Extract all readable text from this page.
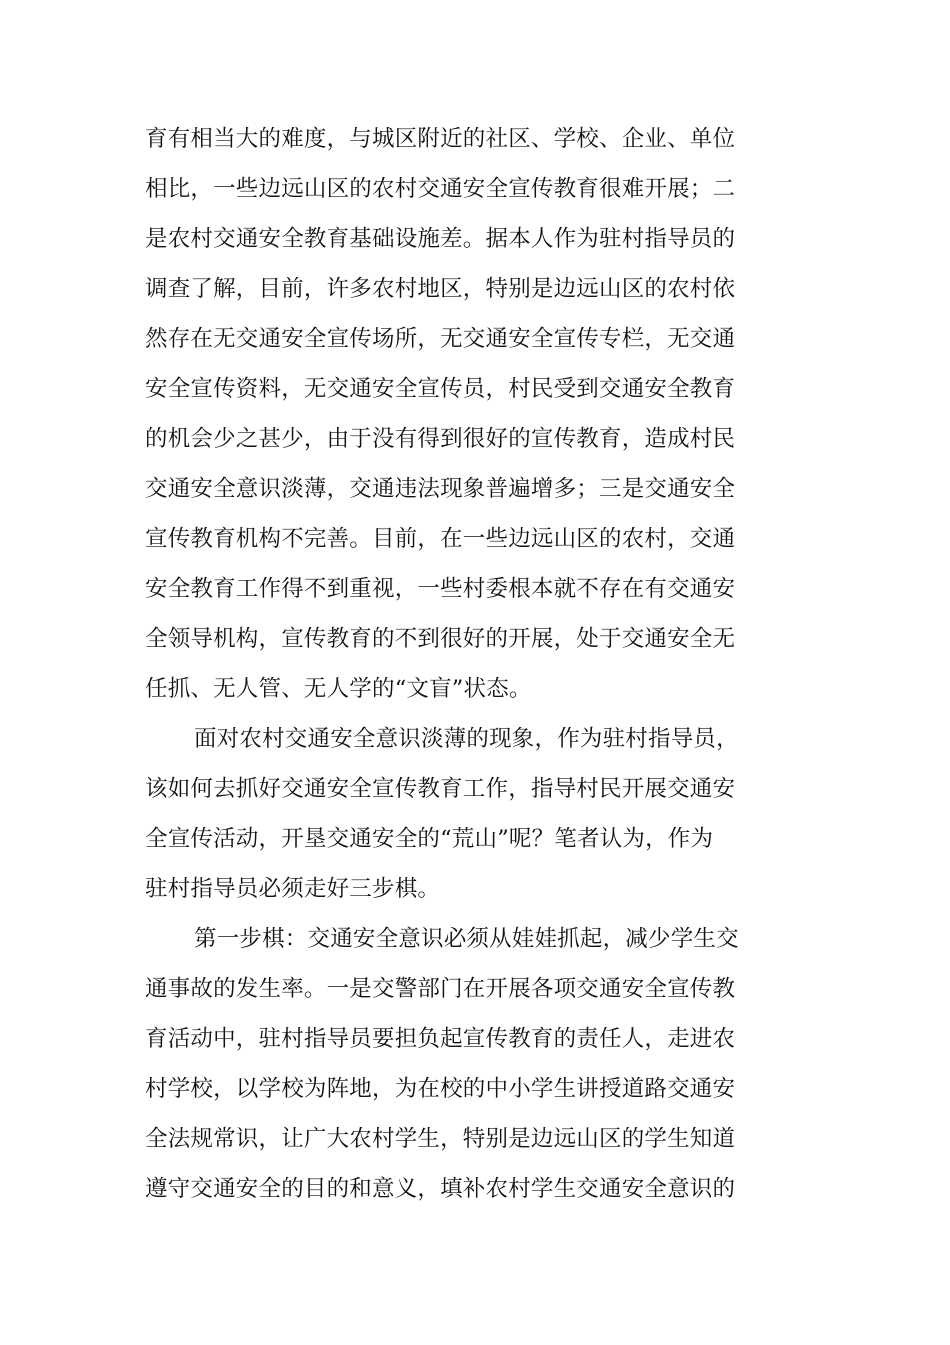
育有相当大的难度，与城区附近的社区、学校、企业、单位
相比，一些边远山区的农村交通安全宣传教育很难开展；二
是农村交通安全教育基础设施差。据本人作为驻村指导员的
调查了解，目前，许多农村地区，特别是边远山区的农村依
然存在无交通安全宣传场所，无交通安全宣传专栏，无交通
安全宣传资料，无交通安全宣传员，村民受到交通安全教育
的机会少之甚少，由于没有得到很好的宣传教育，造成村民
交通安全意识淡薄，交通违法现象普遍增多；三是交通安全
宣传教育机构不完善。目前，在一些边远山区的农村，交通
安全教育工作得不到重视，一些村委根本就不存在有交通安
全领导机构，宣传教育的不到很好的开展，处于交通安全无
任抓、无人管、无人学的“文盲”状态。
面对农村交通安全意识淡薄的现象，作为驻村指导员，
该如何去抓好交通安全宣传教育工作，指导村民开展交通安
全宣传活动，开垦交通安全的“荒山”呢？笔者认为，作为
驻村指导员必须走好三步棋。
第一步棋：交通安全意识必须从娃娃抓起，减少学生交
通事故的发生率。一是交警部门在开展各项交通安全宣传教
育活动中，驻村指导员要担负起宣传教育的责任人，走进农
村学校，以学校为阵地，为在校的中小学生讲授道路交通安
全法规常识，让广大农村学生，特别是边远山区的学生知道
遵守交通安全的目的和意义，填补农村学生交通安全意识的
